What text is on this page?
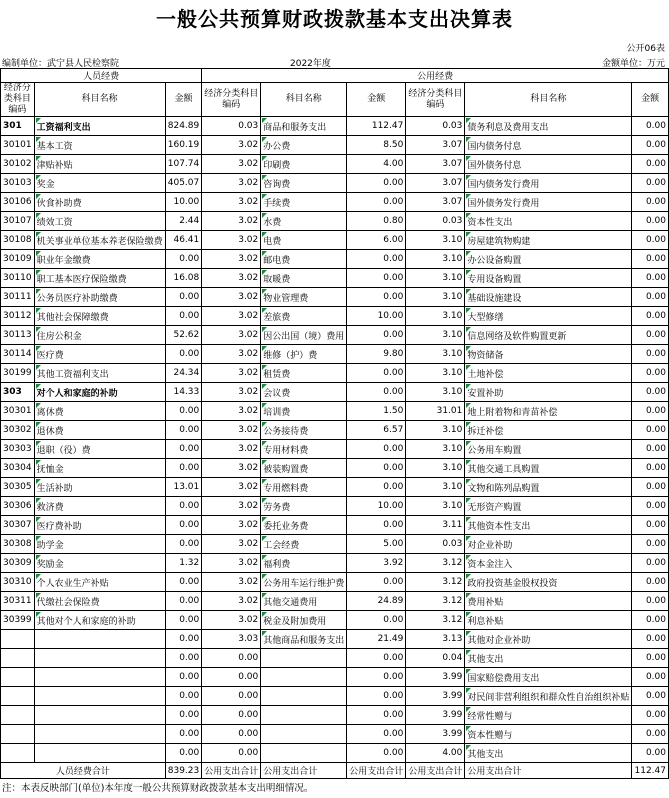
一般公共预算财政拨款基本支出决算表
公开06表
编制单位：武宁县人民检察院	2022年度	金额单位：万元
人员经费			公用经费					
经济分类科目编码	科目名称	金额	经济分类科目编码	科目名称	金额	经济分类科目编码	科目名称	金额
301	工资福利支出	824.89	0.03	商品和服务支出	112.47	0.03	债务利息及费用支出	0.00
30101	基本工资	160.19	3.02	办公费	8.50	3.07	国内债务付息	0.00
30102	津贴补贴	107.74	3.02	印刷费	4.00	3.07	国外债务付息	0.00
30103	奖金	405.07	3.02	咨询费	0.00	3.07	国内债务发行费用	0.00
30106	伙食补助费	10.00	3.02	手续费	0.00	3.07	国外债务发行费用	0.00
30107	绩效工资	2.44	3.02	水费	0.80	0.03	资本性支出	0.00
30108	机关事业单位基本养老保险缴费	46.41	3.02	电费	6.00	3.10	房屋建筑物购建	0.00
30109	职业年金缴费	0.00	3.02	邮电费	0.00	3.10	办公设备购置	0.00
30110	职工基本医疗保险缴费	16.08	3.02	取暖费	0.00	3.10	专用设备购置	0.00
30111	公务员医疗补助缴费	0.00	3.02	物业管理费	0.00	3.10	基础设施建设	0.00
30112	其他社会保障缴费	0.00	3.02	差旅费	10.00	3.10	大型修缮	0.00
30113	住房公积金	52.62	3.02	因公出国（境）费用	0.00	3.10	信息网络及软件购置更新	0.00
30114	医疗费	0.00	3.02	维修（护）费	9.80	3.10	物资储备	0.00
30199	其他工资福利支出	24.34	3.02	租赁费	0.00	3.10	土地补偿	0.00
303	对个人和家庭的补助	14.33	3.02	会议费	0.00	3.10	安置补助	0.00
30301	离休费	0.00	3.02	培训费	1.50	31.01	地上附着物和青苗补偿	0.00
30302	退休费	0.00	3.02	公务接待费	6.57	3.10	拆迁补偿	0.00
30303	退职（役）费	0.00	3.02	专用材料费	0.00	3.10	公务用车购置	0.00
30304	抚恤金	0.00	3.02	被装购置费	0.00	3.10	其他交通工具购置	0.00
30305	生活补助	13.01	3.02	专用燃料费	0.00	3.10	文物和陈列品购置	0.00
30306	救济费	0.00	3.02	劳务费	10.00	3.10	无形资产购置	0.00
30307	医疗费补助	0.00	3.02	委托业务费	0.00	3.11	其他资本性支出	0.00
30308	助学金	0.00	3.02	工会经费	5.00	0.03	对企业补助	0.00
30309	奖励金	1.32	3.02	福利费	3.92	3.12	资本金注入	0.00
30310	个人农业生产补贴	0.00	3.02	公务用车运行维护费	0.00	3.12	政府投资基金股权投资	0.00
30311	代缴社会保险费	0.00	3.02	其他交通费用	24.89	3.12	费用补贴	0.00
30399	其他对个人和家庭的补助	0.00	3.02	税金及附加费用	0.00	3.12	利息补贴	0.00
		0.00	3.03	其他商品和服务支出	21.49	3.13	其他对企业补助	0.00
		0.00	0.00		0.00	0.04	其他支出	0.00
		0.00	0.00		0.00	3.99	国家赔偿费用支出	0.00
		0.00	0.00		0.00	3.99	对民间非营利组织和群众性自治组织补贴	0.00
		0.00	0.00		0.00	3.99	经常性赠与	0.00
		0.00	0.00		0.00	3.99	资本性赠与	0.00
		0.00	0.00		0.00	4.00	其他支出	0.00
人员经费合计		839.23	公用支出合计	公用支出合计	公用支出合计	公用支出合计	公用支出合计	112.47
注：本表反映部门(单位)本年度一般公共预算财政拨款基本支出明细情况。
